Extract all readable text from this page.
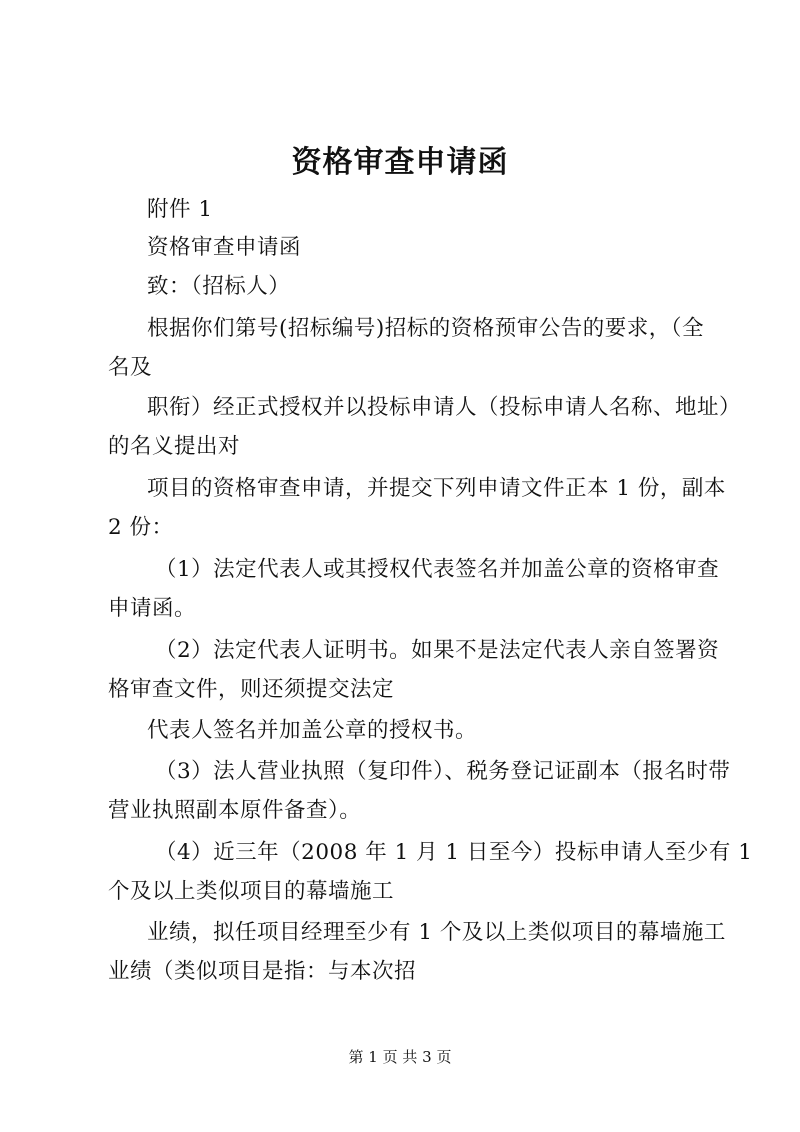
资格审查申请函
附件 1
资格审查申请函
致：（招标人）
根据你们第号(招标编号)招标的资格预审公告的要求，（全
名及
职衔）经正式授权并以投标申请人（投标申请人名称、地址）
的名义提出对
项目的资格审查申请，并提交下列申请文件正本 1 份，副本
2 份：
（1）法定代表人或其授权代表签名并加盖公章的资格审查
申请函。
（2）法定代表人证明书。如果不是法定代表人亲自签署资
格审查文件，则还须提交法定
代表人签名并加盖公章的授权书。
（3）法人营业执照（复印件）、税务登记证副本（报名时带
营业执照副本原件备查）。
（4）近三年（2008 年 1 月 1 日至今）投标申请人至少有 1
个及以上类似项目的幕墙施工
业绩，拟任项目经理至少有 1 个及以上类似项目的幕墙施工
业绩（类似项目是指：与本次招
第 1 页 共 3 页
